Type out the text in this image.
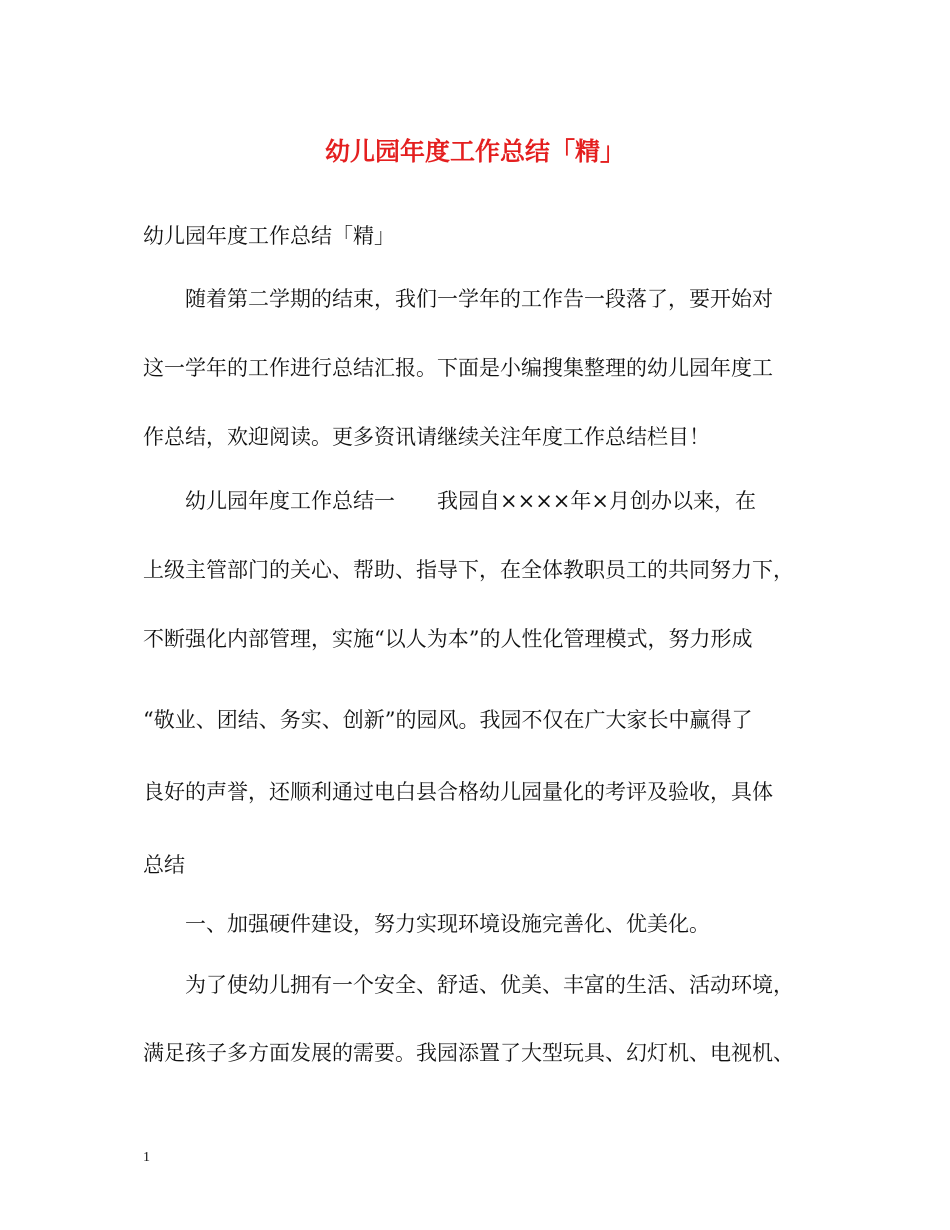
幼儿园年度工作总结「精」
幼儿园年度工作总结「精」
随着第二学期的结束，我们一学年的工作告一段落了，要开始对
这一学年的工作进行总结汇报。下面是小编搜集整理的幼儿园年度工
作总结，欢迎阅读。更多资讯请继续关注年度工作总结栏目！
幼儿园年度工作总结一　　我园自××××年×月创办以来，在
上级主管部门的关心、帮助、指导下，在全体教职员工的共同努力下，
不断强化内部管理，实施“以人为本”的人性化管理模式，努力形成
“敬业、团结、务实、创新”的园风。我园不仅在广大家长中赢得了
良好的声誉，还顺利通过电白县合格幼儿园量化的考评及验收，具体
总结
一、加强硬件建设，努力实现环境设施完善化、优美化。
为了使幼儿拥有一个安全、舒适、优美、丰富的生活、活动环境，
满足孩子多方面发展的需要。我园添置了大型玩具、幻灯机、电视机、
1
